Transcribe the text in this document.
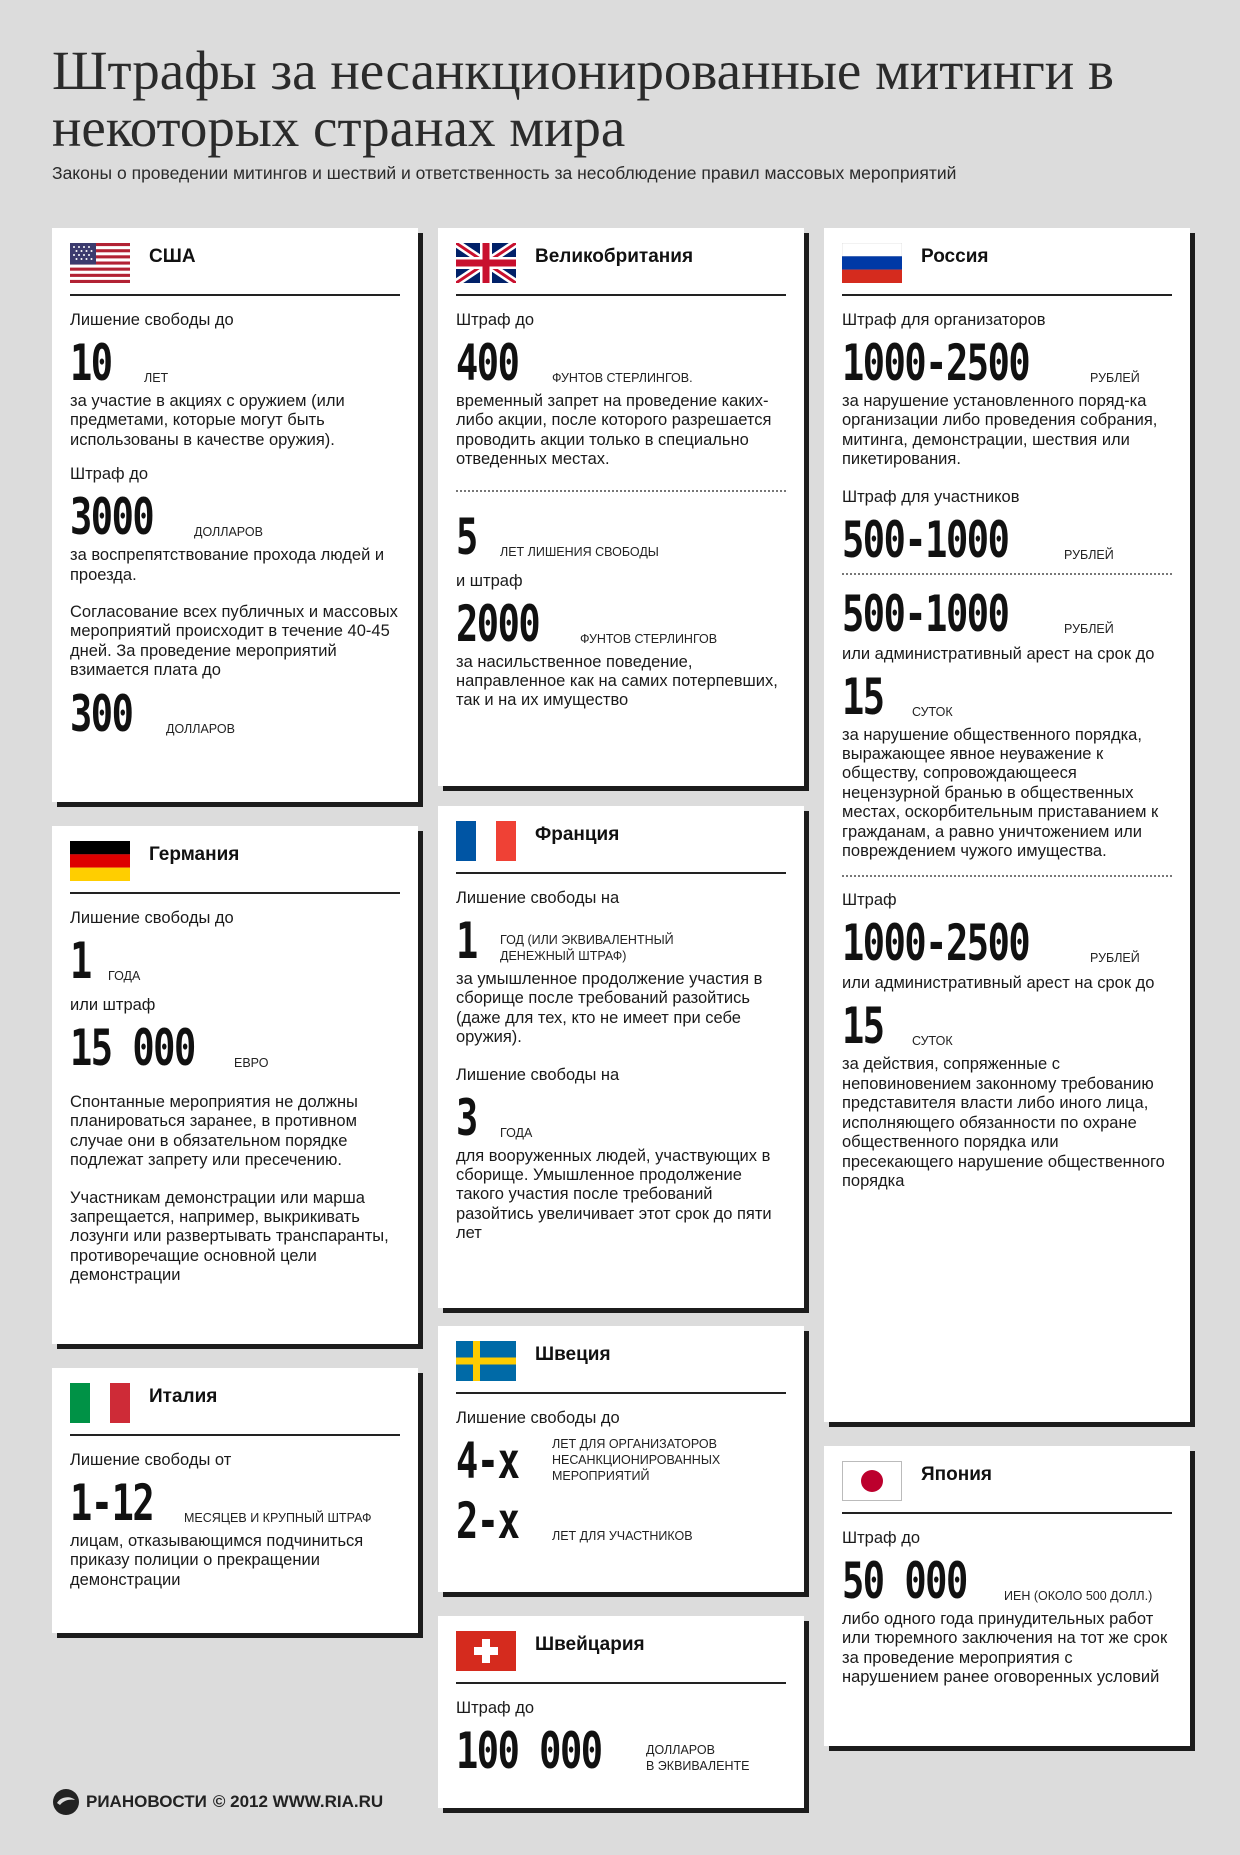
Штрафы за несанкционированные митинги в некоторых странах мира
Законы о проведении митингов и шествий и ответственность за несоблюдение правил массовых мероприятий
США
Лишение свободы до
10	ЛЕТ
за участие в акциях с оружием (или предметами, которые могут быть использованы в качестве оружия).
Штраф до
3000	ДОЛЛАРОВ
за воспрепятствование прохода людей и проезда.
Согласование всех публичных и массовых мероприятий происходит в течение 40-45 дней. За проведение мероприятий взимается плата до
300	ДОЛЛАРОВ
Германия
Лишение свободы до
1	ГОДА
или штраф
15 000	ЕВРО
Спонтанные мероприятия не должны планироваться заранее, в противном случае они в обязательном порядке подлежат запрету или пресечению.
Участникам демонстрации или марша запрещается, например, выкрикивать лозунги или развертывать транспаранты, противоречащие основной цели демонстрации
Италия
Лишение свободы от
1-12 МЕСЯЦЕВ И КРУПНЫЙ ШТРАФ
лицам, отказывающимся подчиниться приказу полиции о прекращении демонстрации
Великобритания
Штраф до
400	ФУНТОВ СТЕРЛИНГОВ.
временный запрет на проведение каких-либо акции, после которого разрешается проводить акции только в специально отведенных местах.
5	ЛЕТ ЛИШЕНИЯ СВОБОДЫ
и штраф
2000	ФУНТОВ СТЕРЛИНГОВ
за насильственное поведение, направленное как на самих потерпевших, так и на их имущество
Франция
Лишение свободы на
1	ГОД (ИЛИ ЭКВИВАЛЕНТНЫЙ
ДЕНЕЖНЫЙ ШТРАФ)
за умышленное продолжение участия в сборище после требований разойтись (даже для тех, кто не имеет при себе оружия).
Лишение свободы на
3	ГОДА
для вооруженных людей, участвующих в сборище. Умышленное продолжение такого участия после требований разойтись увеличивает этот срок до пяти лет
Швеция
Лишение свободы до
4-х	ЛЕТ ДЛЯ ОРГАНИЗАТОРОВ
НЕСАНКЦИОНИРОВАННЫХ
МЕРОПРИЯТИЙ
2-х	ЛЕТ ДЛЯ УЧАСТНИКОВ
Швейцария
Штраф до
100 000	ДОЛЛАРОВ
В ЭКВИВАЛЕНТЕ
Россия
Штраф для организаторов
1000-2500	РУБЛЕЙ
за нарушение установленного поряд-ка организации либо проведения собрания, митинга, демонстрации, шествия или пикетирования.
Штраф для участников
500-1000	РУБЛЕЙ
500-1000	РУБЛЕЙ
или административный арест на срок до
15	СУТОК
за нарушение общественного порядка, выражающее явное неуважение к обществу, сопровождающееся нецензурной бранью в общественных местах, оскорбительным приставанием к гражданам, а равно уничтожением или повреждением чужого имущества.
Штраф
1000-2500	РУБЛЕЙ
или административный арест на срок до
15	СУТОК
за действия, сопряженные с неповиновением законному требованию представителя власти либо иного лица, исполняющего обязанности по охране общественного порядка или пресекающего нарушение общественного порядка
Япония
Штраф до
50 000	ИЕН (ОКОЛО 500 ДОЛЛ.)
либо одного года принудительных работ или тюремного заключения на тот же срок за проведение мероприятия с нарушением ранее оговоренных условий
РИАНОВОСТИ © 2012 WWW.RIA.RU
